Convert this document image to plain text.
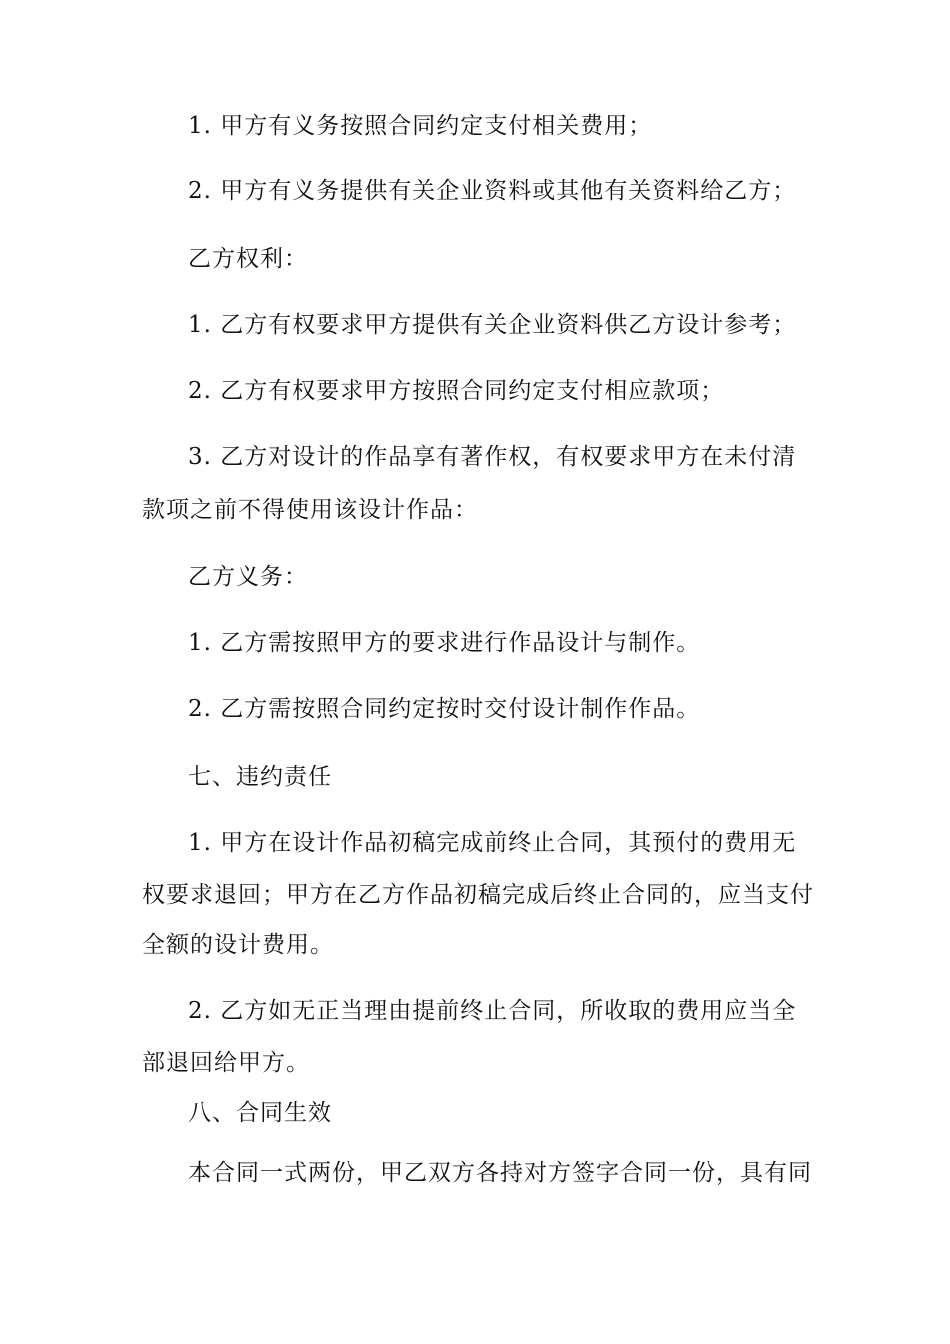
1. 甲方有义务按照合同约定支付相关费用；
2. 甲方有义务提供有关企业资料或其他有关资料给乙方；
乙方权利：
1. 乙方有权要求甲方提供有关企业资料供乙方设计参考；
2. 乙方有权要求甲方按照合同约定支付相应款项；
3. 乙方对设计的作品享有著作权，有权要求甲方在未付清
款项之前不得使用该设计作品：
乙方义务：
1. 乙方需按照甲方的要求进行作品设计与制作。
2. 乙方需按照合同约定按时交付设计制作作品。
七、违约责任
1. 甲方在设计作品初稿完成前终止合同，其预付的费用无
权要求退回；甲方在乙方作品初稿完成后终止合同的，应当支付
全额的设计费用。
2. 乙方如无正当理由提前终止合同，所收取的费用应当全
部退回给甲方。
八、合同生效
本合同一式两份，甲乙双方各持对方签字合同一份，具有同
